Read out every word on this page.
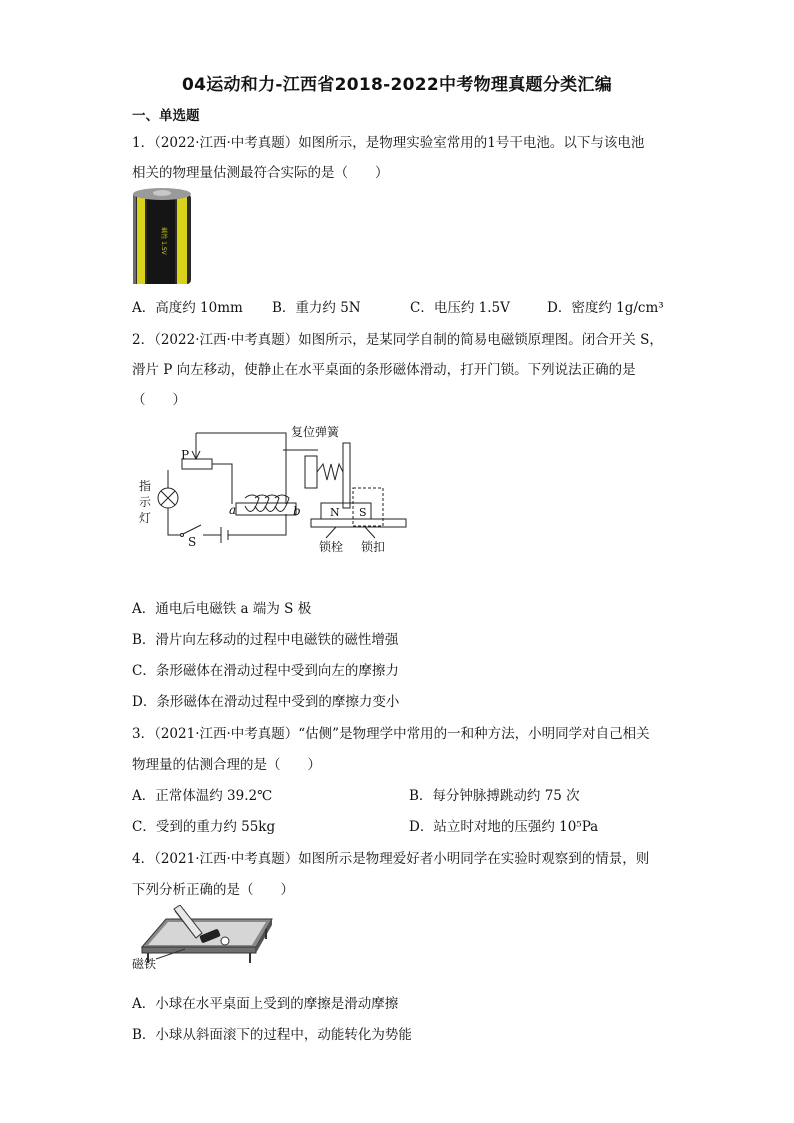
04运动和力-江西省2018-2022中考物理真题分类汇编
一、单选题
1．（2022·江西·中考真题）如图所示，是物理实验室常用的1号干电池。以下与该电池
相关的物理量估测最符合实际的是（　　）
碱性 1.5V
A．高度约 10mm B．重力约 5N	C．电压约 1.5V	D．密度约 1g/cm³
2．（2022·江西·中考真题）如图所示，是某同学自制的简易电磁锁原理图。闭合开关 S，
滑片 P 向左移动，使静止在水平桌面的条形磁体滑动，打开门锁。下列说法正确的是
（　　）
复位弹簧
P
指
示
灯
a	b
S
N S
锁栓 锁扣
A．通电后电磁铁 a 端为 S 极
B．滑片向左移动的过程中电磁铁的磁性增强
C．条形磁体在滑动过程中受到向左的摩擦力
D．条形磁体在滑动过程中受到的摩擦力变小
3．（2021·江西·中考真题）“估侧”是物理学中常用的一和种方法，小明同学对自己相关
物理量的估测合理的是（　　）
A．正常体温约 39.2℃	B．每分钟脉搏跳动约 75 次
C．受到的重力约 55kg	D．站立时对地的压强约 10⁵Pa
4．（2021·江西·中考真题）如图所示是物理爱好者小明同学在实验时观察到的情景，则
下列分析正确的是（　　）
磁铁
A．小球在水平桌面上受到的摩擦是滑动摩擦
B．小球从斜面滚下的过程中，动能转化为势能
